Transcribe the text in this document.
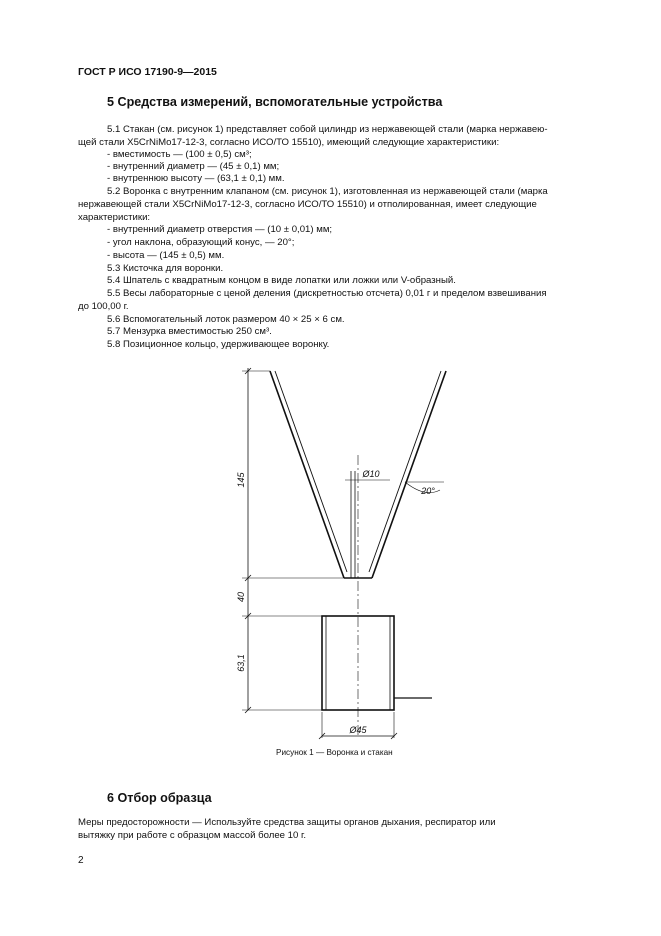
ГОСТ Р ИСО 17190-9—2015
5 Средства измерений, вспомогательные устройства
5.1 Стакан (см. рисунок 1) представляет собой цилиндр из нержавеющей стали (марка нержавею-
щей стали X5CrNiMo17-12-3, согласно ИСО/ТО 15510), имеющий следующие характеристики:
- вместимость — (100 ± 0,5) см³;
- внутренний диаметр — (45 ± 0,1) мм;
- внутреннюю высоту — (63,1 ± 0,1) мм.
5.2 Воронка с внутренним клапаном (см. рисунок 1), изготовленная из нержавеющей стали (марка
нержавеющей стали X5CrNiMo17-12-3, согласно ИСО/ТО 15510) и отполированная, имеет следующие
характеристики:
- внутренний диаметр отверстия — (10 ± 0,01) мм;
- угол наклона, образующий конус, — 20°;
- высота — (145 ± 0,5) мм.
5.3 Кисточка для воронки.
5.4 Шпатель с квадратным концом в виде лопатки или ложки или V-образный.
5.5 Весы лабораторные с ценой деления (дискретностью отсчета) 0,01 г и пределом взвешивания
до 100,00 г.
5.6 Вспомогательный лоток размером 40 × 25 × 6 см.
5.7 Мензурка вместимостью 250 см³.
5.8 Позиционное кольцо, удерживающее воронку.
145
40
63,1
Ø10
20°
Ø45
Рисунок 1 — Воронка и стакан
6 Отбор образца
Меры предосторожности — Используйте средства защиты органов дыхания, респиратор или
вытяжку при работе с образцом массой более 10 г.
2
